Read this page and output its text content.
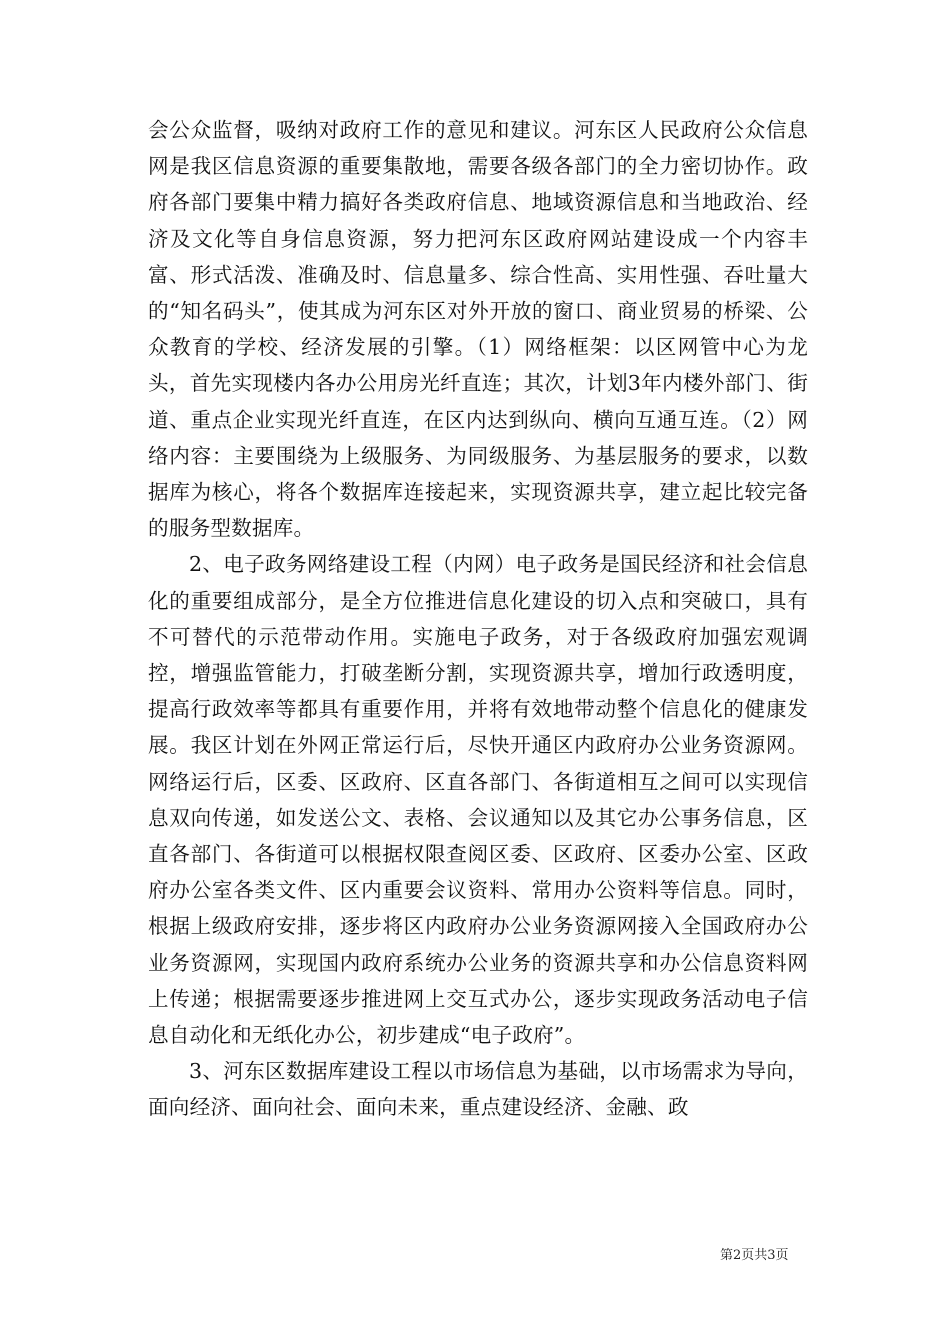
会公众监督，吸纳对政府工作的意见和建议。河东区人民政府公众信息网是我区信息资源的重要集散地，需要各级各部门的全力密切协作。政府各部门要集中精力搞好各类政府信息、地域资源信息和当地政治、经济及文化等自身信息资源，努力把河东区政府网站建设成一个内容丰富、形式活泼、准确及时、信息量多、综合性高、实用性强、吞吐量大的“知名码头”，使其成为河东区对外开放的窗口、商业贸易的桥梁、公众教育的学校、经济发展的引擎。（1）网络框架：以区网管中心为龙头，首先实现楼内各办公用房光纤直连；其次，计划3年内楼外部门、街道、重点企业实现光纤直连，在区内达到纵向、横向互通互连。（2）网络内容：主要围绕为上级服务、为同级服务、为基层服务的要求，以数据库为核心，将各个数据库连接起来，实现资源共享，建立起比较完备的服务型数据库。

2、电子政务网络建设工程（内网）电子政务是国民经济和社会信息化的重要组成部分，是全方位推进信息化建设的切入点和突破口，具有不可替代的示范带动作用。实施电子政务，对于各级政府加强宏观调控，增强监管能力，打破垄断分割，实现资源共享，增加行政透明度，提高行政效率等都具有重要作用，并将有效地带动整个信息化的健康发展。我区计划在外网正常运行后，尽快开通区内政府办公业务资源网。网络运行后，区委、区政府、区直各部门、各街道相互之间可以实现信息双向传递，如发送公文、表格、会议通知以及其它办公事务信息，区直各部门、各街道可以根据权限查阅区委、区政府、区委办公室、区政府办公室各类文件、区内重要会议资料、常用办公资料等信息。同时，根据上级政府安排，逐步将区内政府办公业务资源网接入全国政府办公业务资源网，实现国内政府系统办公业务的资源共享和办公信息资料网上传递；根据需要逐步推进网上交互式办公，逐步实现政务活动电子信息自动化和无纸化办公，初步建成“电子政府”。

3、河东区数据库建设工程以市场信息为基础，以市场需求为导向，面向经济、面向社会、面向未来，重点建设经济、金融、政

第2页共3页
